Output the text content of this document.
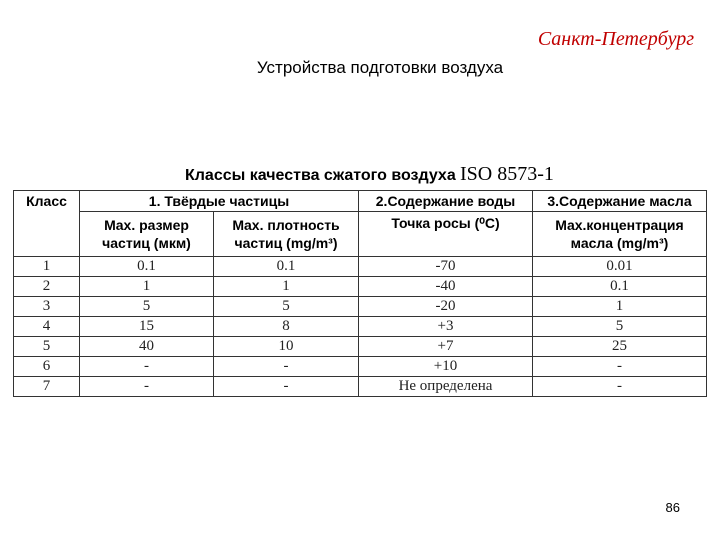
Санкт-Петербург
Устройства подготовки воздуха
Классы качества сжатого воздуха ISO 8573-1
Класс	1. Твёрдые частицы		2.Содержание воды	3.Содержание масла
	Max. размер частиц (мкм)	Max. плотность частиц (mg/m³)	Точка росы (⁰C)	Max.концентрация масла (mg/m³)
1	0.1	0.1	-70	0.01
2	1	1	-40	0.1
3	5	5	-20	1
4	15	8	+3	5
5	40	10	+7	25
6	-	-	+10	-
7	-	-	Не определена	-
86
